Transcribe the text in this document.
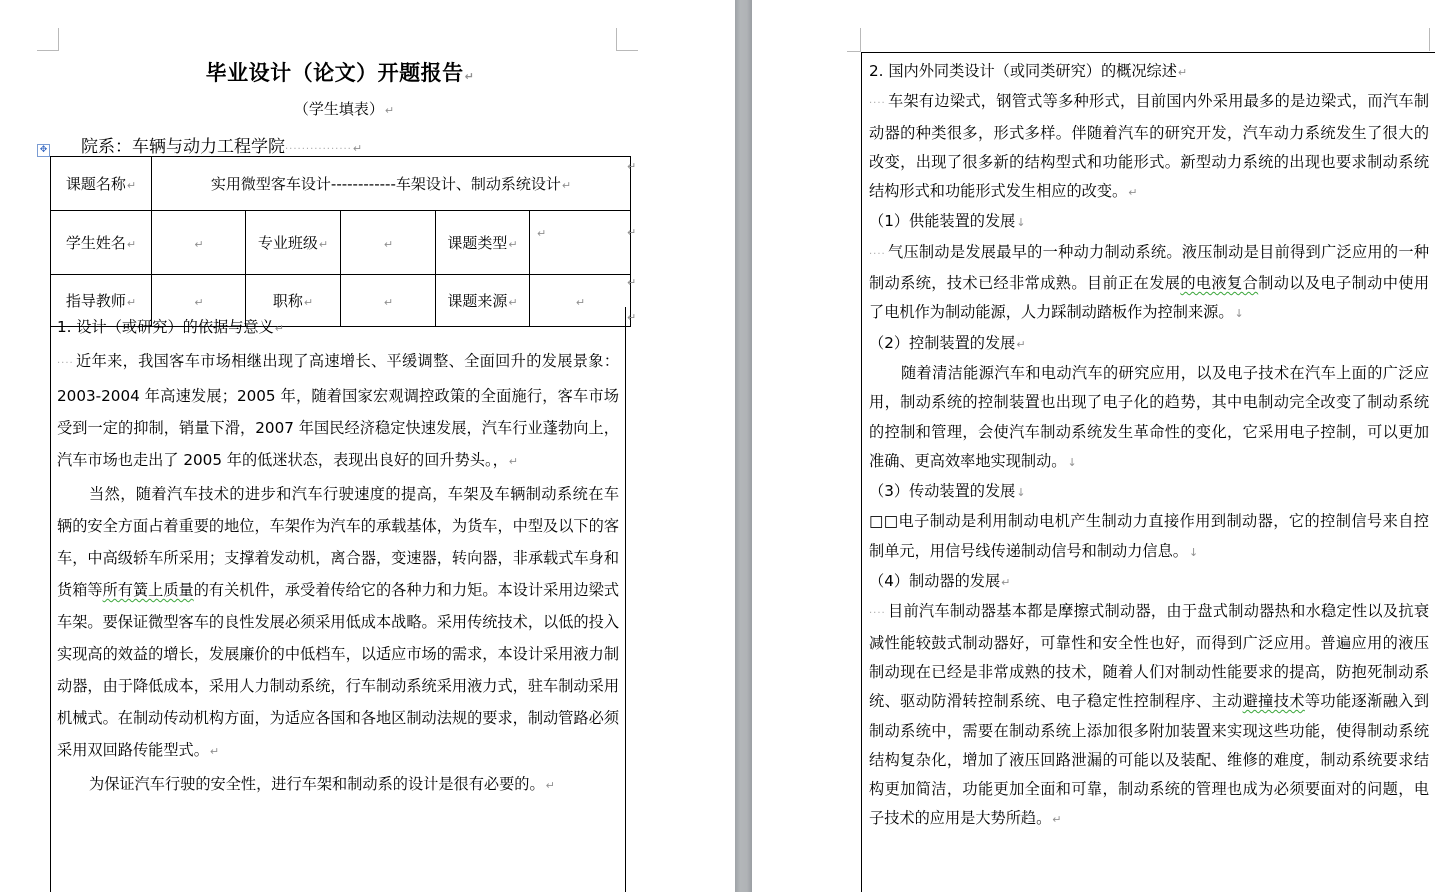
毕业设计（论文）开题报告↵
（学生填表）↵
院系：车辆与动力工程学院················↵
✥
课题名称↵	实用微型客车设计------------车架设计、制动系统设计↵				
学生姓名↵	↵	专业班级↵	↵	课题类型↵	↵
指导教师↵	↵	职称↵	↵	课题来源↵	↵
↵
↵
↵
↵

1. 设计（或研究）的依据与意义↵

···· 近年来，我国客车市场相继出现了高速增长、平缓调整、全面回升的发展景象：2003-2004 年高速发展；2005 年，随着国家宏观调控政策的全面施行，客车市场受到一定的抑制，销量下滑，2007 年国民经济稳定快速发展，汽车行业蓬勃向上，汽车市场也走出了 2005 年的低迷状态，表现出良好的回升势头。，↵

当然，随着汽车技术的进步和汽车行驶速度的提高，车架及车辆制动系统在车辆的安全方面占着重要的地位，车架作为汽车的承载基体，为货车，中型及以下的客车，中高级轿车所采用；支撑着发动机，离合器，变速器，转向器，非承载式车身和货箱等所有簧上质量的有关机件，承受着传给它的各种力和力矩。本设计采用边梁式车架。要保证微型客车的良性发展必须采用低成本战略。采用传统技术，以低的投入实现高的效益的增长，发展廉价的中低档车，以适应市场的需求，本设计采用液力制动器，由于降低成本，采用人力制动系统，行车制动系统采用液力式，驻车制动采用机械式。在制动传动机构方面，为适应各国和各地区制动法规的要求，制动管路必须采用双回路传能型式。↵

为保证汽车行驶的安全性，进行车架和制动系的设计是很有必要的。↵

2. 国内外同类设计（或同类研究）的概况综述↵

···· 车架有边梁式，钢管式等多种形式，目前国内外采用最多的是边梁式，而汽车制动器的种类很多，形式多样。伴随着汽车的研究开发，汽车动力系统发生了很大的改变，出现了很多新的结构型式和功能形式。新型动力系统的出现也要求制动系统结构形式和功能形式发生相应的改变。↵

（1）供能装置的发展↓

···· 气压制动是发展最早的一种动力制动系统。液压制动是目前得到广泛应用的一种制动系统，技术已经非常成熟。目前正在发展的电液复合制动以及电子制动中使用了电机作为制动能源，人力踩制动踏板作为控制来源。↓

（2）控制装置的发展↵

随着清洁能源汽车和电动汽车的研究应用，以及电子技术在汽车上面的广泛应用，制动系统的控制装置也出现了电子化的趋势，其中电制动完全改变了制动系统的控制和管理，会使汽车制动系统发生革命性的变化，它采用电子控制，可以更加准确、更高效率地实现制动。↓

（3）传动装置的发展↓

□□电子制动是利用制动电机产生制动力直接作用到制动器，它的控制信号来自控制单元，用信号线传递制动信号和制动力信息。↓

（4）制动器的发展↵

···· 目前汽车制动器基本都是摩擦式制动器，由于盘式制动器热和水稳定性以及抗衰减性能较鼓式制动器好，可靠性和安全性也好，而得到广泛应用。普遍应用的液压制动现在已经是非常成熟的技术，随着人们对制动性能要求的提高，防抱死制动系统、驱动防滑转控制系统、电子稳定性控制程序、主动避撞技术等功能逐渐融入到制动系统中，需要在制动系统上添加很多附加装置来实现这些功能，使得制动系统结构复杂化，增加了液压回路泄漏的可能以及装配、维修的难度，制动系统要求结构更加简洁，功能更加全面和可靠，制动系统的管理也成为必须要面对的问题，电子技术的应用是大势所趋。↵
